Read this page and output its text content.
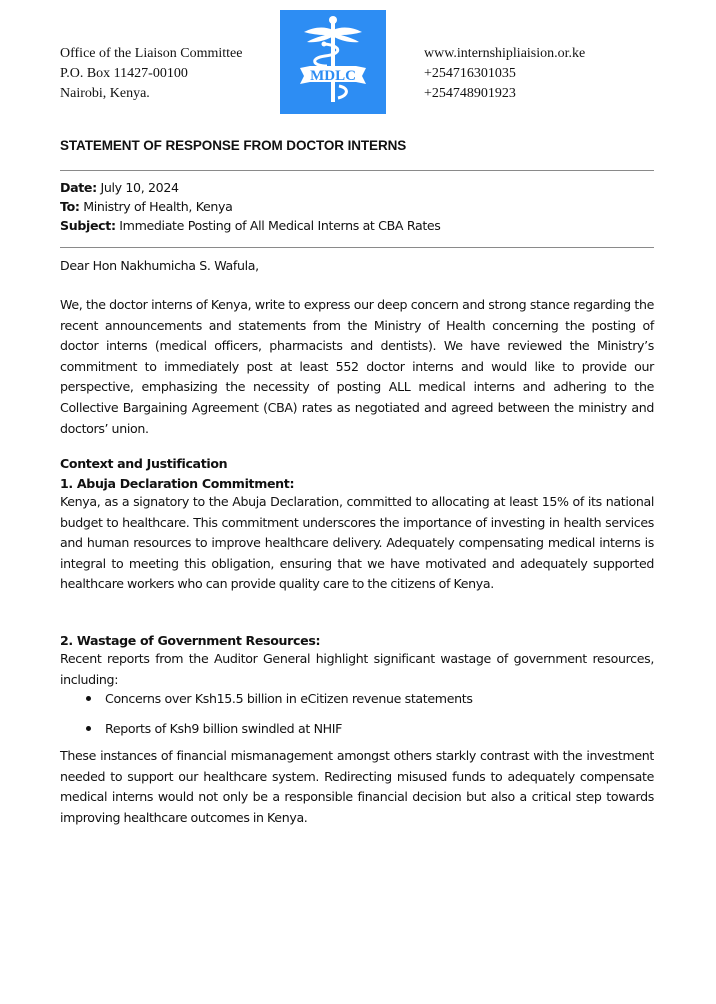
Office of the Liaison Committee
P.O. Box 11427-00100
Nairobi, Kenya.
MDLC
www.internshipliaision.or.ke
+254716301035
+254748901923
STATEMENT OF RESPONSE FROM DOCTOR INTERNS
Date: July 10, 2024
To: Ministry of Health, Kenya
Subject: Immediate Posting of All Medical Interns at CBA Rates
Dear Hon Nakhumicha S. Wafula,
We, the doctor interns of Kenya, write to express our deep concern and strong stance regarding the recent announcements and statements from the Ministry of Health concerning the posting of doctor interns (medical officers, pharmacists and dentists). We have reviewed the Ministry’s commitment to immediately post at least 552 doctor interns and would like to provide our perspective, emphasizing the necessity of posting ALL medical interns and adhering to the Collective Bargaining Agreement (CBA) rates as negotiated and agreed between the ministry and doctors’ union.
Context and Justification
1. Abuja Declaration Commitment:
Kenya, as a signatory to the Abuja Declaration, committed to allocating at least 15% of its national budget to healthcare. This commitment underscores the importance of investing in health services and human resources to improve healthcare delivery. Adequately compensating medical interns is integral to meeting this obligation, ensuring that we have motivated and adequately supported healthcare workers who can provide quality care to the citizens of Kenya.
2. Wastage of Government Resources:
Recent reports from the Auditor General highlight significant wastage of government resources, including:
Concerns over Ksh15.5 billion in eCitizen revenue statements
Reports of Ksh9 billion swindled at NHIF
These instances of financial mismanagement amongst others starkly contrast with the investment needed to support our healthcare system. Redirecting misused funds to adequately compensate medical interns would not only be a responsible financial decision but also a critical step towards improving healthcare outcomes in Kenya.
